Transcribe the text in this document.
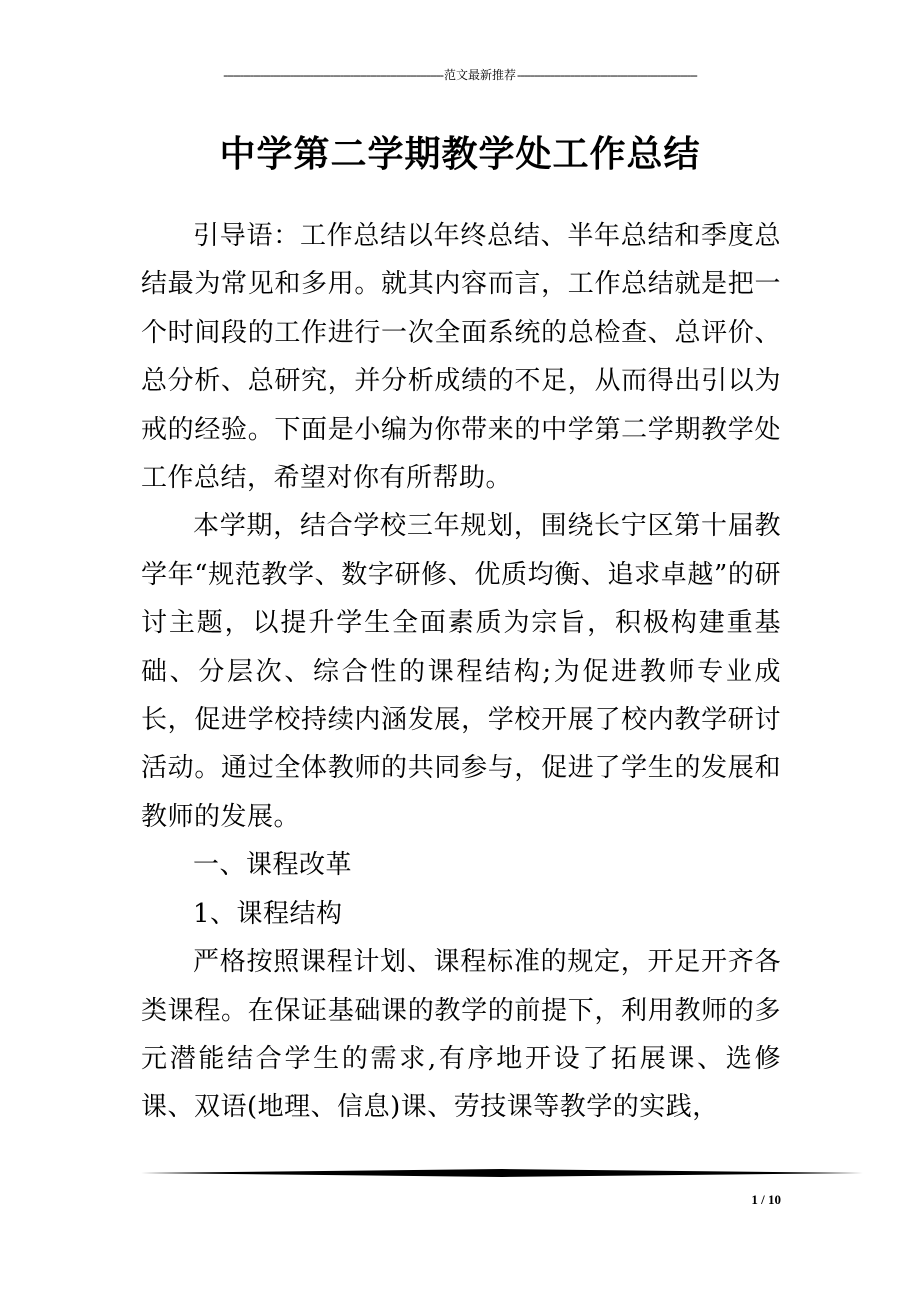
------------------------------------------------------------------范文最新推荐------------------------------------------------------
中学第二学期教学处工作总结

引导语：工作总结以年终总结、半年总结和季度总结最为常见和多用。就其内容而言，工作总结就是把一个时间段的工作进行一次全面系统的总检查、总评价、总分析、总研究，并分析成绩的不足，从而得出引以为戒的经验。下面是小编为你带来的中学第二学期教学处工作总结，希望对你有所帮助。

本学期，结合学校三年规划，围绕长宁区第十届教学年“规范教学、数字研修、优质均衡、追求卓越”的研讨主题，以提升学生全面素质为宗旨，积极构建重基础、分层次、综合性的课程结构;为促进教师专业成长，促进学校持续内涵发展，学校开展了校内教学研讨活动。通过全体教师的共同参与，促进了学生的发展和教师的发展。

一、课程改革

1、课程结构

严格按照课程计划、课程标准的规定，开足开齐各类课程。在保证基础课的教学的前提下，利用教师的多元潜能结合学生的需求,有序地开设了拓展课、选修课、双语(地理、信息)课、劳技课等教学的实践，

1 / 10
